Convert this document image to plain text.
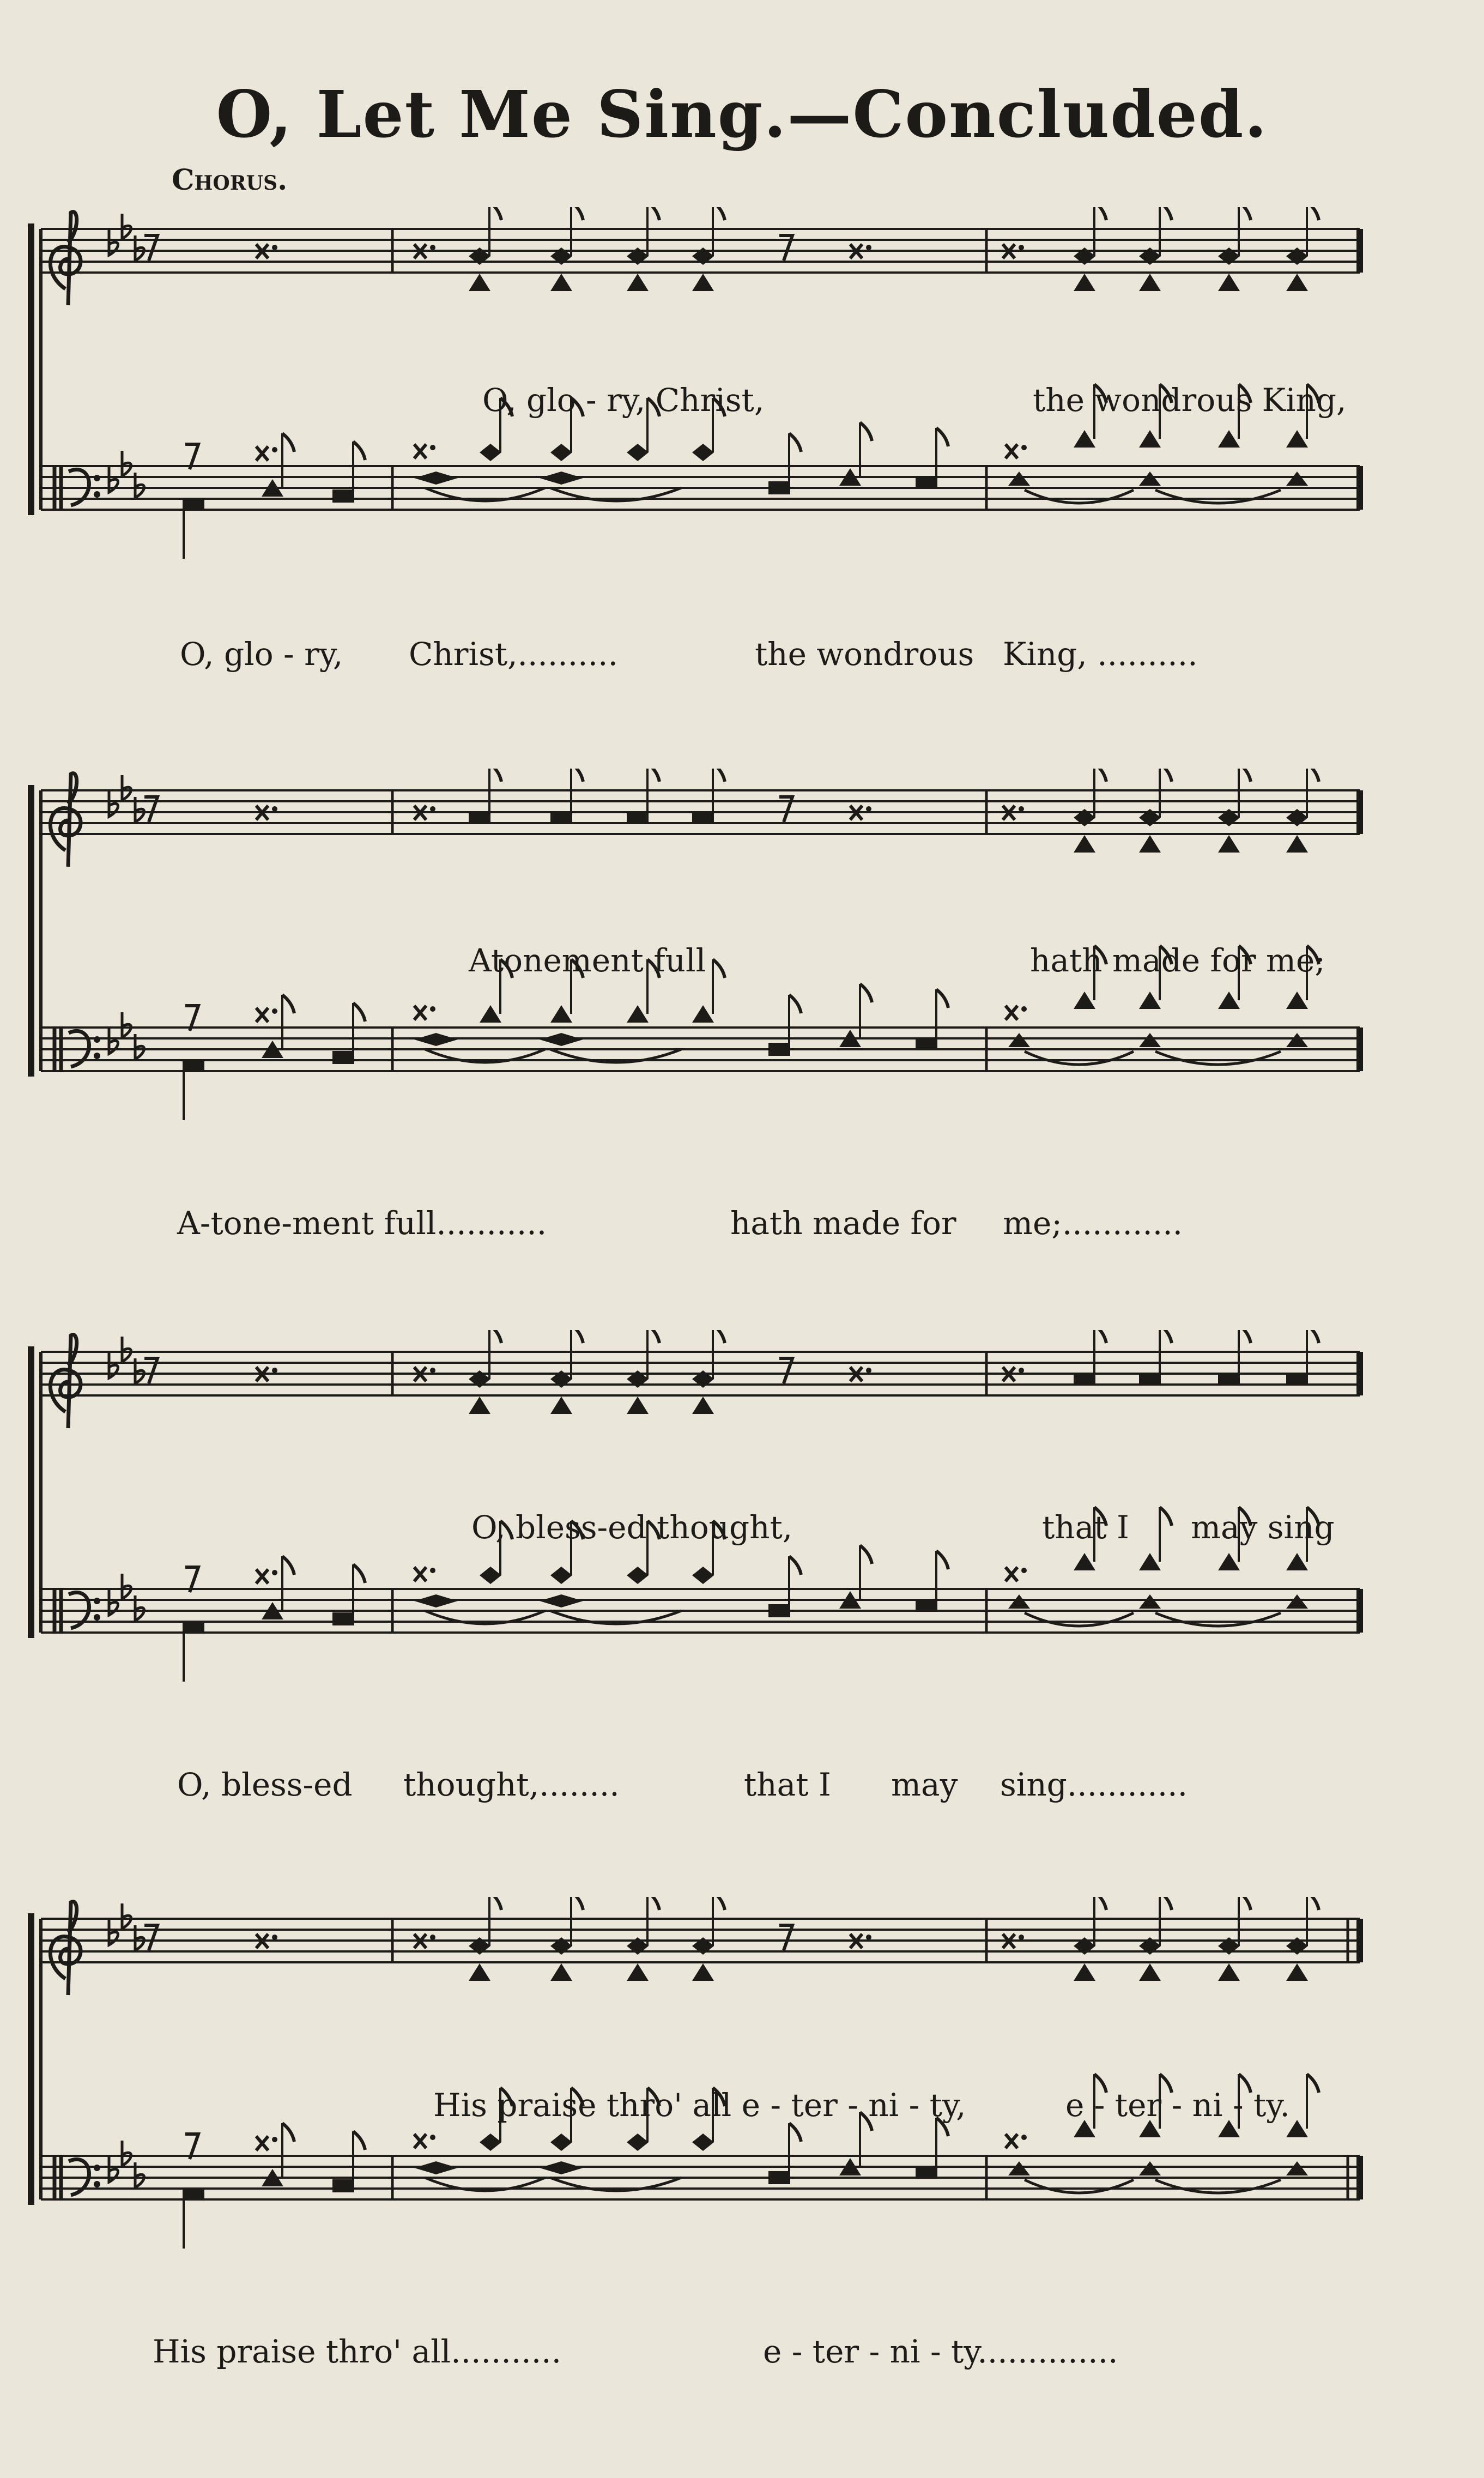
O, Let Me Sing.—Concluded.
Chorus.
O, glo - ry, Christ,	the wondrous King,
O, glo - ry, Christ,..........	the wondrous King, ..........
Atonement full	hath made for me;
A-tone-ment full...........	hath made for me;............
O, bless-ed thought,	that I may sing
O, bless-ed thought,........	that I may sing............
His praise thro' all e - ter - ni - ty,	e - ter - ni - ty.
His praise thro' all...........	e - ter - ni - ty..............
